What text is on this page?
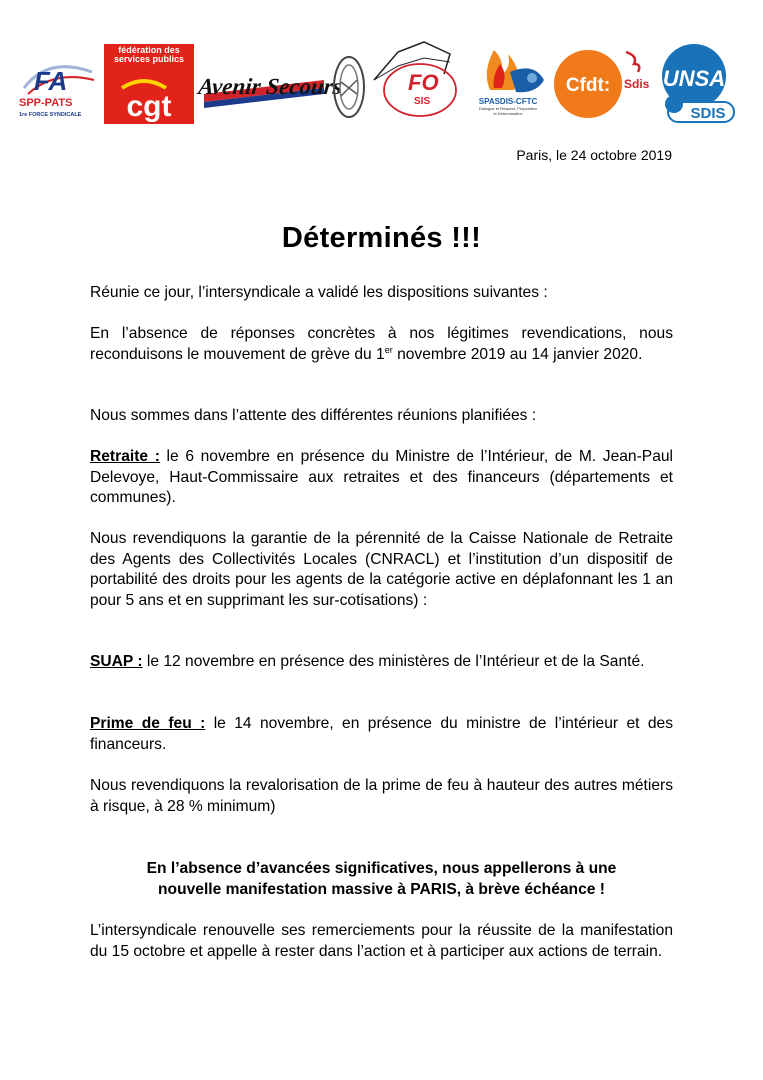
FA
SPP-PATS
1re FORCE SYNDICALE
fédération des services publics
cgt
Avenir Secours	FO
SIS	SPASDIS-CFTC
Dialogue et Respect, Proposition et Détermination
Cfdt: Sdis UNSA
SDIS
Paris, le 24 octobre 2019
Déterminés !!!

Réunie ce jour, l’intersyndicale a validé les dispositions suivantes :

En l’absence de réponses concrètes à nos légitimes revendications, nous reconduisons le mouvement de grève du 1er novembre 2019 au 14 janvier 2020.

Nous sommes dans l’attente des différentes réunions planifiées :

Retraite : le 6 novembre en présence du Ministre de l’Intérieur, de M. Jean-Paul Delevoye, Haut-Commissaire aux retraites et des financeurs (départements et communes).

Nous revendiquons la garantie de la pérennité de la Caisse Nationale de Retraite des Agents des Collectivités Locales (CNRACL) et l’institution d’un dispositif de portabilité des droits pour les agents de la catégorie active en déplafonnant les 1 an pour 5 ans et en supprimant les sur-cotisations) :

SUAP : le 12 novembre en présence des ministères de l’Intérieur et de la Santé.

Prime de feu : le 14 novembre, en présence du ministre de l’intérieur et des financeurs.

Nous revendiquons la revalorisation de la prime de feu à hauteur des autres métiers à risque, à 28 % minimum)

En l’absence d’avancées significatives, nous appellerons à une

nouvelle manifestation massive à PARIS, à brève échéance !

L’intersyndicale renouvelle ses remerciements pour la réussite de la manifestation du 15 octobre et appelle à rester dans l’action et à participer aux actions de terrain.
